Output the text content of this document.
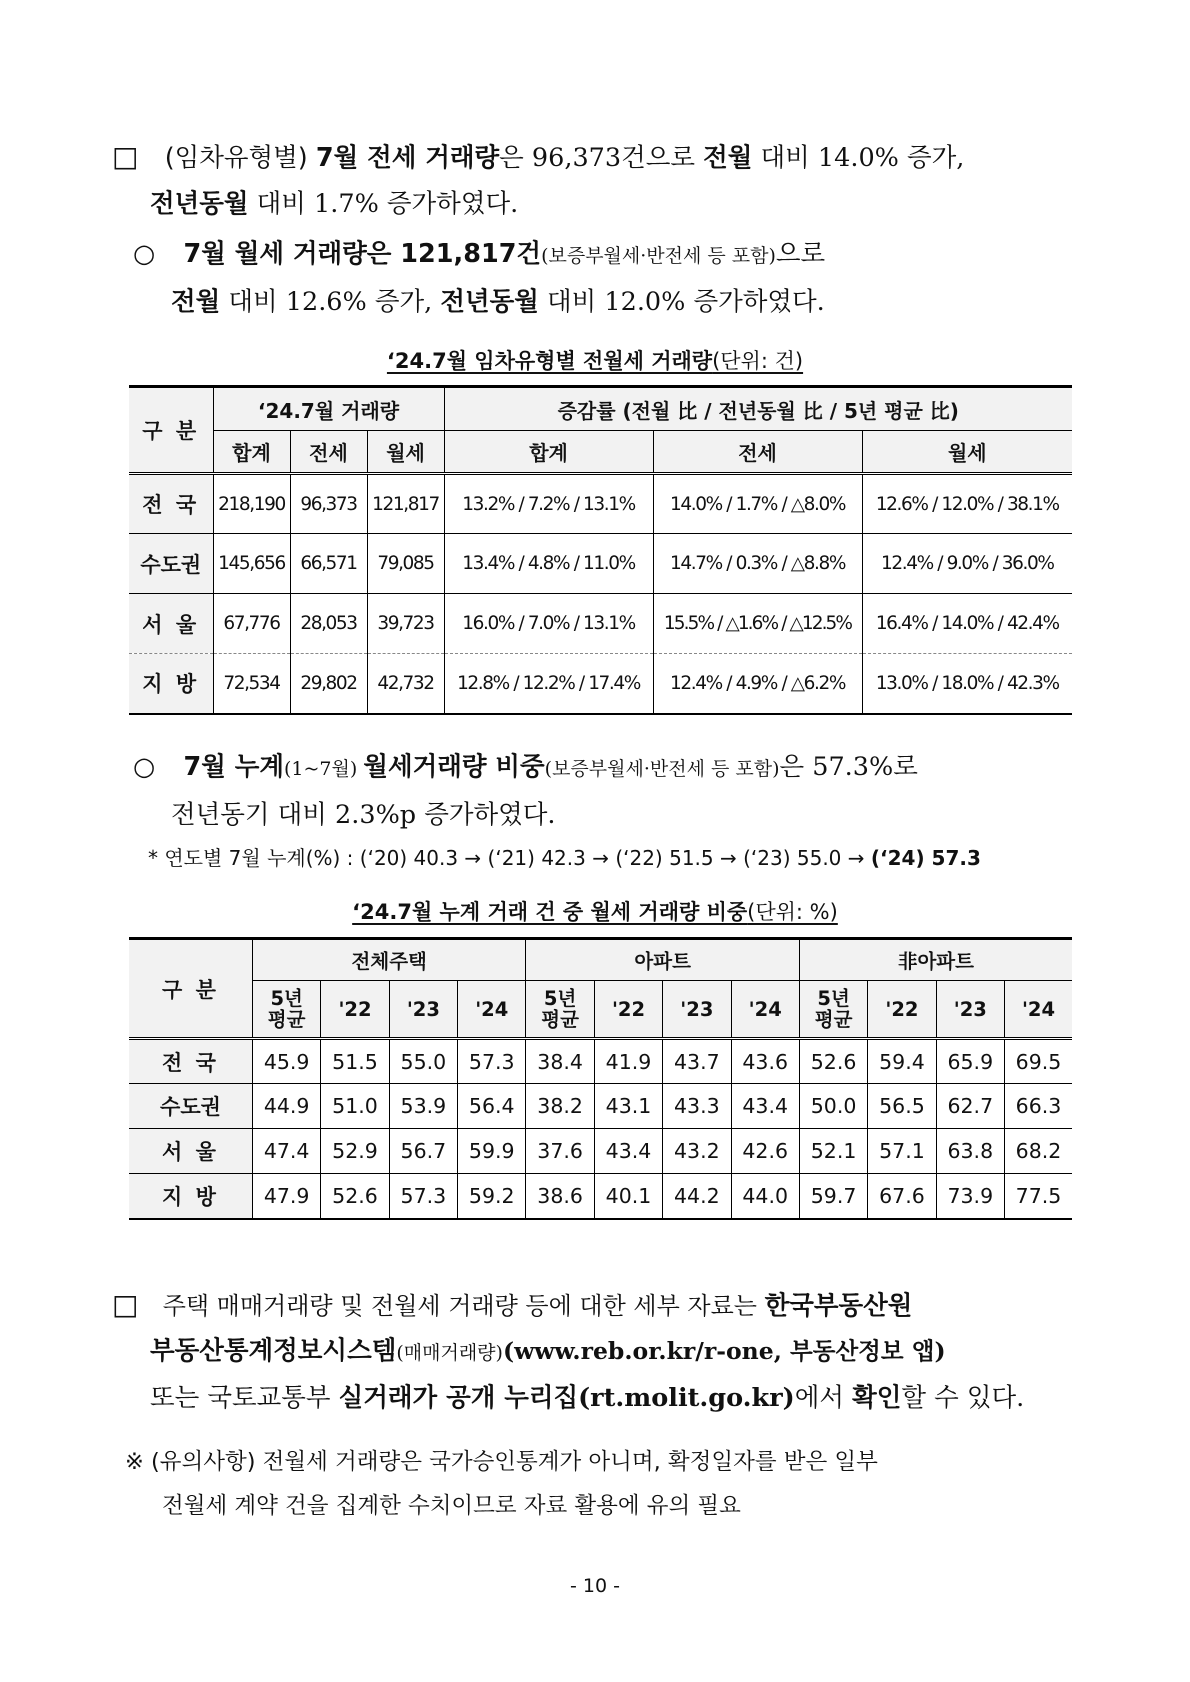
□ (임차유형별) 7월 전세 거래량은 96,373건으로 전월 대비 14.0% 증가,
전년동월 대비 1.7% 증가하였다.
○ 7월 월세 거래량은 121,817건(보증부월세·반전세 등 포함)으로
전월 대비 12.6% 증가, 전년동월 대비 12.0% 증가하였다.
‘24.7월 임차유형별 전월세 거래량(단위: 건)
구 분	‘24.7월 거래량			증감률 (전월 比 / 전년동월 比 / 5년 평균 比)		
	합계	전세	월세	합계	전세	월세
전 국	218,190	96,373	121,817	13.2% / 7.2% / 13.1%	14.0% / 1.7% / △8.0%	12.6% / 12.0% / 38.1%
수도권	145,656	66,571	79,085	13.4% / 4.8% / 11.0%	14.7% / 0.3% / △8.8%	12.4% / 9.0% / 36.0%
서 울	67,776	28,053	39,723	16.0% / 7.0% / 13.1%	15.5% / △1.6% / △12.5%	16.4% / 14.0% / 42.4%
지 방	72,534	29,802	42,732	12.8% / 12.2% / 17.4%	12.4% / 4.9% / △6.2%	13.0% / 18.0% / 42.3%
○ 7월 누계(1~7월) 월세거래량 비중(보증부월세·반전세 등 포함)은 57.3%로
전년동기 대비 2.3%p 증가하였다.
* 연도별 7월 누계(%) : (‘20) 40.3 → (‘21) 42.3 → (‘22) 51.5 → (‘23) 55.0 → (‘24) 57.3
‘24.7월 누계 거래 건 중 월세 거래량 비중(단위: %)
구 분	전체주택				아파트				非아파트			
	5년
평균	'22	'23	'24	5년
평균	'22	'23	'24	5년
평균	'22	'23	'24
전 국	45.9	51.5	55.0	57.3	38.4	41.9	43.7	43.6	52.6	59.4	65.9	69.5
수도권	44.9	51.0	53.9	56.4	38.2	43.1	43.3	43.4	50.0	56.5	62.7	66.3
서 울	47.4	52.9	56.7	59.9	37.6	43.4	43.2	42.6	52.1	57.1	63.8	68.2
지 방	47.9	52.6	57.3	59.2	38.6	40.1	44.2	44.0	59.7	67.6	73.9	77.5
□ 주택 매매거래량 및 전월세 거래량 등에 대한 세부 자료는 한국부동산원
부동산통계정보시스템(매매거래량)(www.reb.or.kr/r-one, 부동산정보 앱)
또는 국토교통부 실거래가 공개 누리집(rt.molit.go.kr)에서 확인할 수 있다.
※ (유의사항) 전월세 거래량은 국가승인통계가 아니며, 확정일자를 받은 일부
전월세 계약 건을 집계한 수치이므로 자료 활용에 유의 필요
- 10 -
